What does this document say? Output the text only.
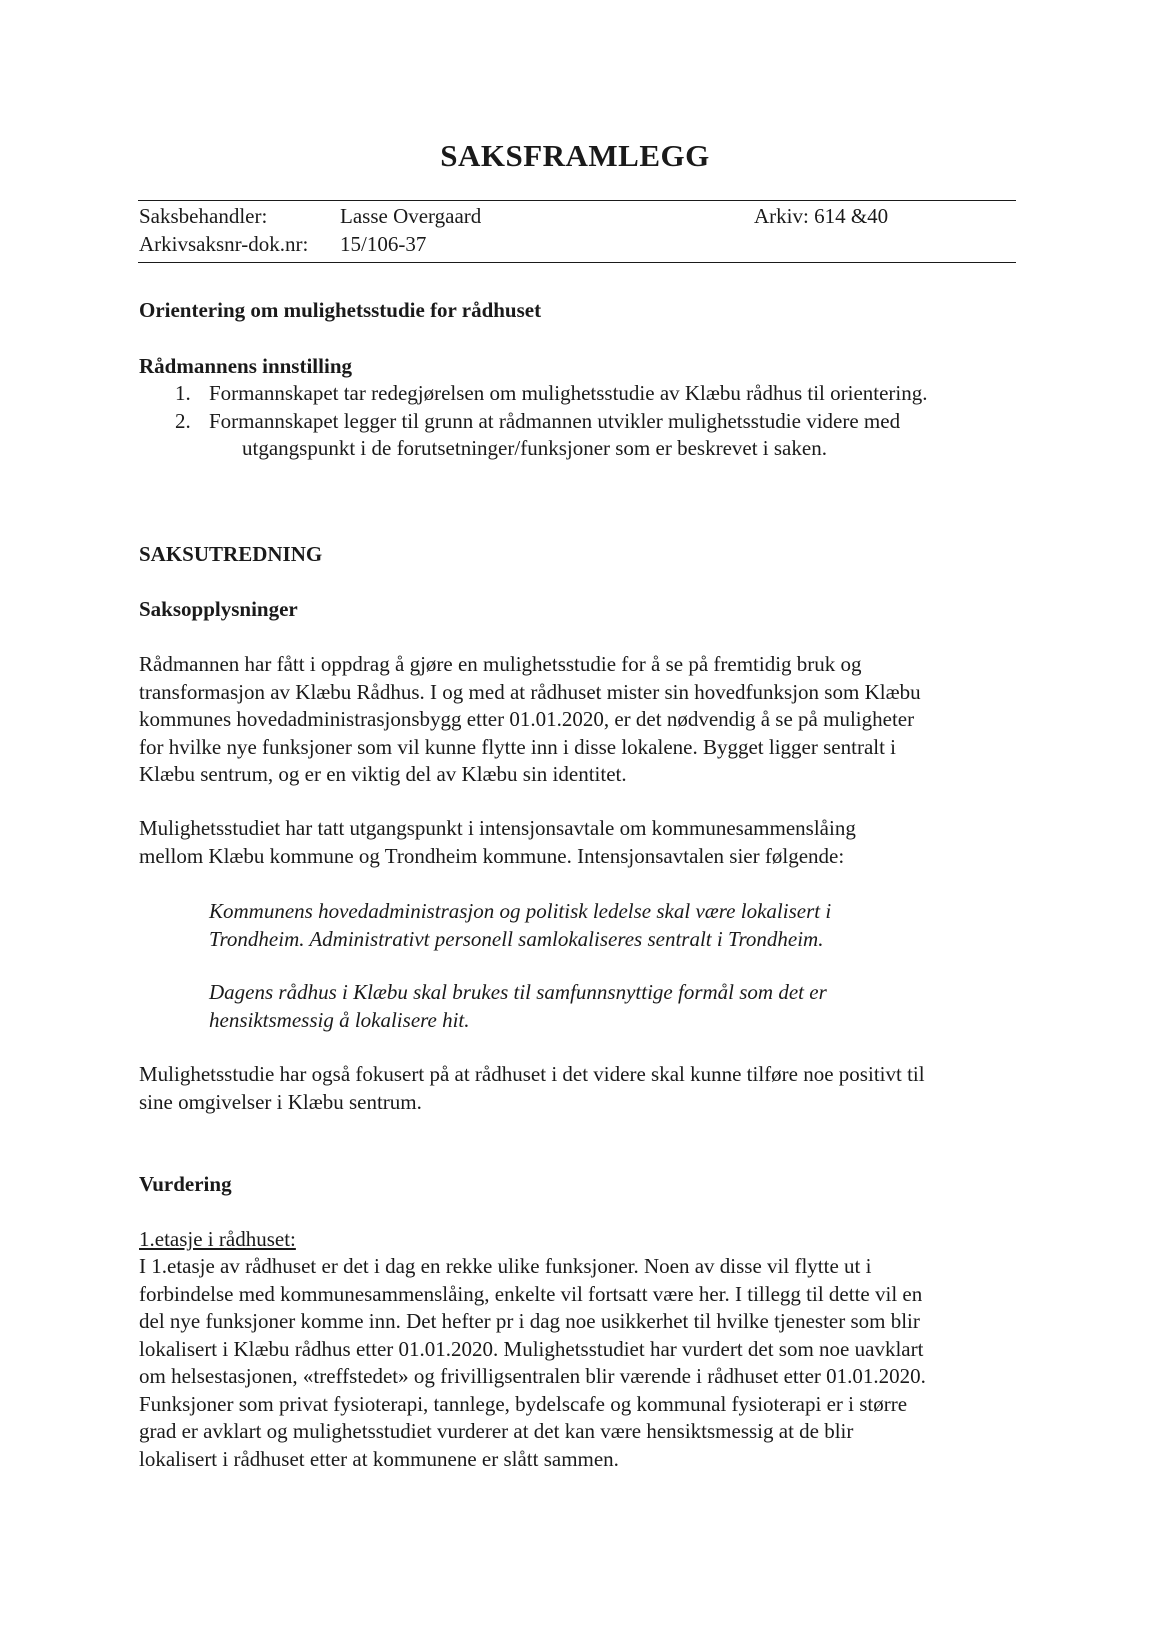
SAKSFRAMLEGG
Saksbehandler:	Lasse Overgaard	Arkiv: 614 &40
Arkivsaksnr-dok.nr: 15/106-37
Orientering om mulighetsstudie for rådhuset
Rådmannens innstilling
1. Formannskapet tar redegjørelsen om mulighetsstudie av Klæbu rådhus til orientering.
2. Formannskapet legger til grunn at rådmannen utvikler mulighetsstudie videre med
utgangspunkt i de forutsetninger/funksjoner som er beskrevet i saken.
SAKSUTREDNING
Saksopplysninger

Rådmannen har fått i oppdrag å gjøre en mulighetsstudie for å se på fremtidig bruk og

transformasjon av Klæbu Rådhus. I og med at rådhuset mister sin hovedfunksjon som Klæbu

kommunes hovedadministrasjonsbygg etter 01.01.2020, er det nødvendig å se på muligheter

for hvilke nye funksjoner som vil kunne flytte inn i disse lokalene. Bygget ligger sentralt i

Klæbu sentrum, og er en viktig del av Klæbu sin identitet.

Mulighetsstudiet har tatt utgangspunkt i intensjonsavtale om kommunesammenslåing

mellom Klæbu kommune og Trondheim kommune. Intensjonsavtalen sier følgende:

Kommunens hovedadministrasjon og politisk ledelse skal være lokalisert i

Trondheim. Administrativt personell samlokaliseres sentralt i Trondheim.

Dagens rådhus i Klæbu skal brukes til samfunnsnyttige formål som det er

hensiktsmessig å lokalisere hit.

Mulighetsstudie har også fokusert på at rådhuset i det videre skal kunne tilføre noe positivt til

sine omgivelser i Klæbu sentrum.

Vurdering
1.etasje i rådhuset:

I 1.etasje av rådhuset er det i dag en rekke ulike funksjoner. Noen av disse vil flytte ut i

forbindelse med kommunesammenslåing, enkelte vil fortsatt være her. I tillegg til dette vil en

del nye funksjoner komme inn. Det hefter pr i dag noe usikkerhet til hvilke tjenester som blir

lokalisert i Klæbu rådhus etter 01.01.2020. Mulighetsstudiet har vurdert det som noe uavklart

om helsestasjonen, «treffstedet» og frivilligsentralen blir værende i rådhuset etter 01.01.2020.

Funksjoner som privat fysioterapi, tannlege, bydelscafe og kommunal fysioterapi er i større

grad er avklart og mulighetsstudiet vurderer at det kan være hensiktsmessig at de blir

lokalisert i rådhuset etter at kommunene er slått sammen.
